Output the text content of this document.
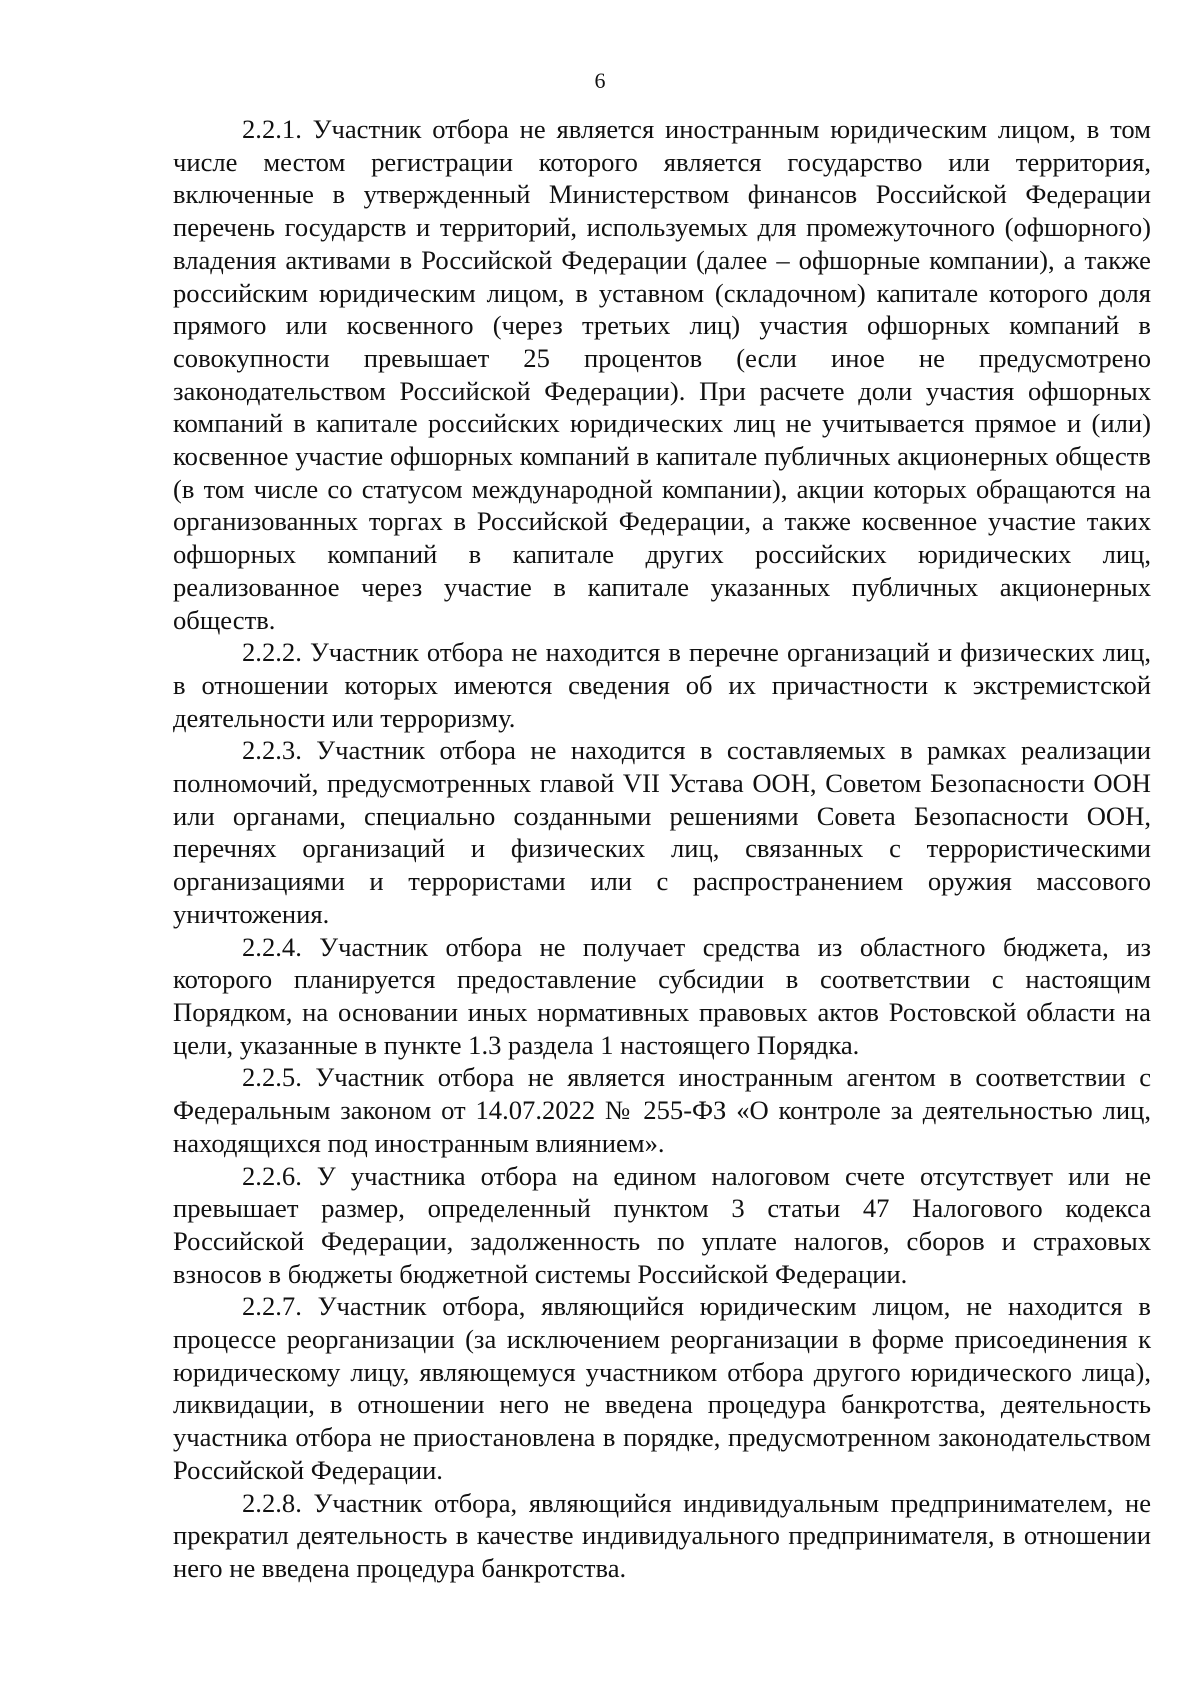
6

2.2.1. Участник отбора не является иностранным юридическим лицом, в том числе местом регистрации которого является государство или территория, включенные в утвержденный Министерством финансов Российской Федерации перечень государств и территорий, используемых для промежуточного (офшорного) владения активами в Российской Федерации (далее – офшорные компании), а также российским юридическим лицом, в уставном (складочном) капитале которого доля прямого или косвенного (через третьих лиц) участия офшорных компаний в совокупности превышает 25 процентов (если иное не предусмотрено законодательством Российской Федерации). При расчете доли участия офшорных компаний в капитале российских юридических лиц не учитывается прямое и (или) косвенное участие офшорных компаний в капитале публичных акционерных обществ (в том числе со статусом международной компании), акции которых обращаются на организованных торгах в Российской Федерации, а также косвенное участие таких офшорных компаний в капитале других российских юридических лиц, реализованное через участие в капитале указанных публичных акционерных обществ.

2.2.2. Участник отбора не находится в перечне организаций и физических лиц, в отношении которых имеются сведения об их причастности к экстремистской деятельности или терроризму.

2.2.3. Участник отбора не находится в составляемых в рамках реализации полномочий, предусмотренных главой VII Устава ООН, Советом Безопасности ООН или органами, специально созданными решениями Совета Безопасности ООН, перечнях организаций и физических лиц, связанных с террористическими организациями и террористами или с распространением оружия массового уничтожения.

2.2.4. Участник отбора не получает средства из областного бюджета, из которого планируется предоставление субсидии в соответствии с настоящим Порядком, на основании иных нормативных правовых актов Ростовской области на цели, указанные в пункте 1.3 раздела 1 настоящего Порядка.

2.2.5. Участник отбора не является иностранным агентом в соответствии с Федеральным законом от 14.07.2022 № 255-ФЗ «О контроле за деятельностью лиц, находящихся под иностранным влиянием».

2.2.6. У участника отбора на едином налоговом счете отсутствует или не превышает размер, определенный пунктом 3 статьи 47 Налогового кодекса Российской Федерации, задолженность по уплате налогов, сборов и страховых взносов в бюджеты бюджетной системы Российской Федерации.

2.2.7. Участник отбора, являющийся юридическим лицом, не находится в процессе реорганизации (за исключением реорганизации в форме присоединения к юридическому лицу, являющемуся участником отбора другого юридического лица), ликвидации, в отношении него не введена процедура банкротства, деятельность участника отбора не приостановлена в порядке, предусмотренном законодательством Российской Федерации.

2.2.8. Участник отбора, являющийся индивидуальным предпринимателем, не прекратил деятельность в качестве индивидуального предпринимателя, в отношении него не введена процедура банкротства.
